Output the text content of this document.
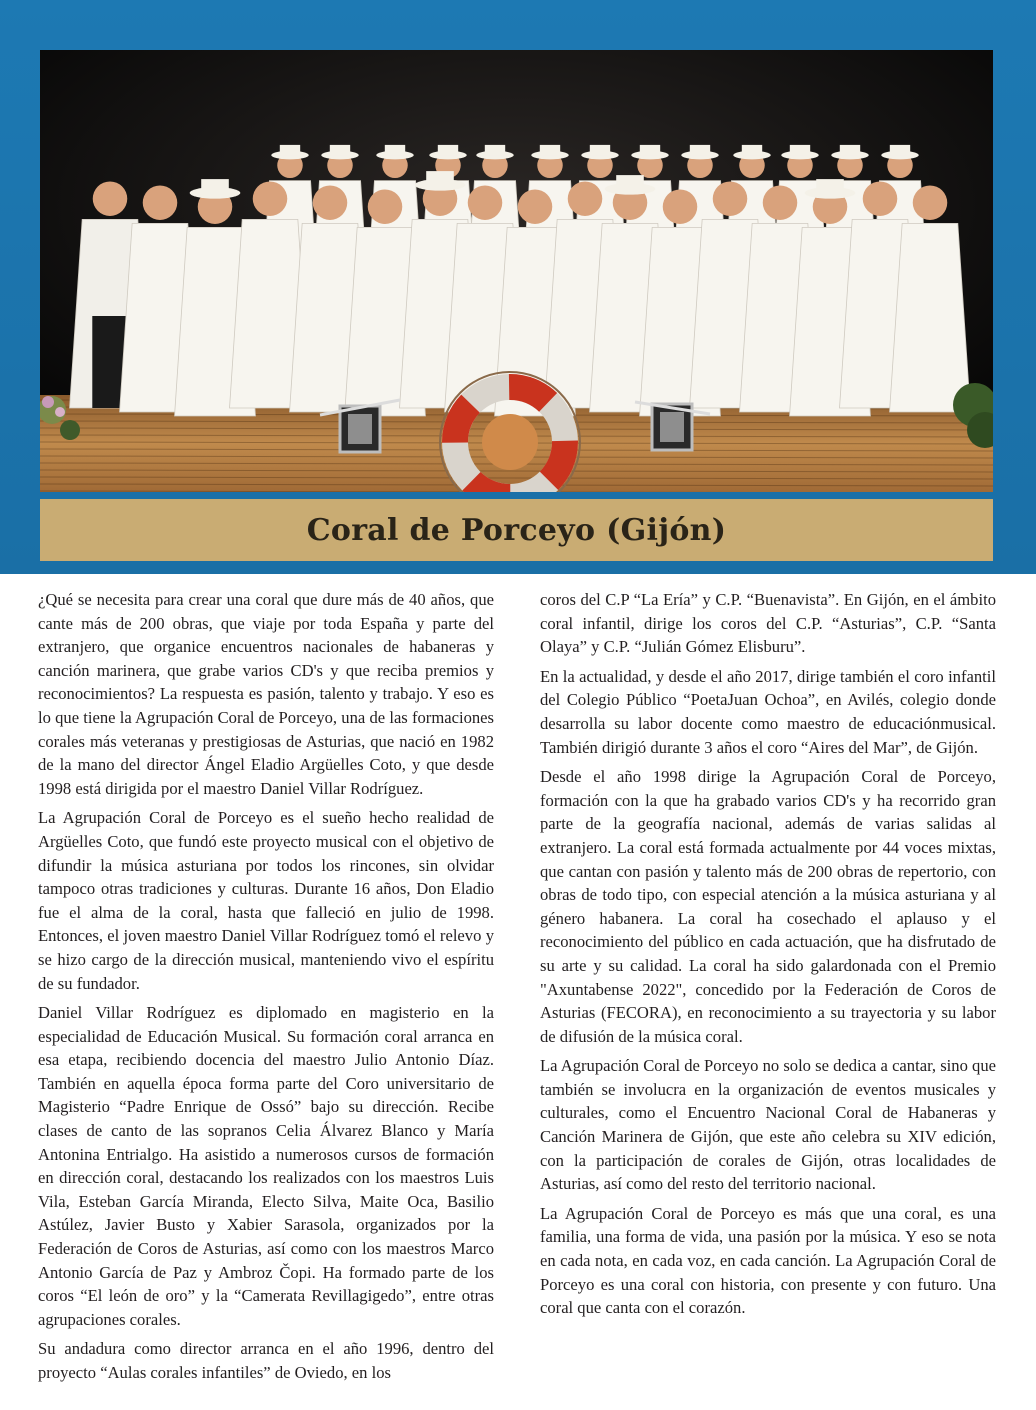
Coral de Porceyo (Gijón)

¿Qué se necesita para crear una coral que dure más de 40 años, que cante más de 200 obras, que viaje por toda España y parte del extranjero, que organice encuentros nacionales de habaneras y canción marinera, que grabe varios CD's y que reciba premios y reconocimientos? La respuesta es pasión, talento y trabajo. Y eso es lo que tiene la Agrupación Coral de Porceyo, una de las formaciones corales más veteranas y prestigiosas de Asturias, que nació en 1982 de la mano del director Ángel Eladio Argüelles Coto, y que desde 1998 está dirigida por el maestro Daniel Villar Rodríguez.

La Agrupación Coral de Porceyo es el sueño hecho realidad de Argüelles Coto, que fundó este proyecto musical con el objetivo de difundir la música asturiana por todos los rincones, sin olvidar tampoco otras tradiciones y culturas. Durante 16 años, Don Eladio fue el alma de la coral, hasta que falleció en julio de 1998. Entonces, el joven maestro Daniel Villar Rodríguez tomó el relevo y se hizo cargo de la dirección musical, manteniendo vivo el espíritu de su fundador.

Daniel Villar Rodríguez es diplomado en magisterio en la especialidad de Educación Musical. Su formación coral arranca en esa etapa, recibiendo docencia del maestro Julio Antonio Díaz. También en aquella época forma parte del Coro universitario de Magisterio “Padre Enrique de Ossó” bajo su dirección. Recibe clases de canto de las sopranos Celia Álvarez Blanco y María Antonina Entrialgo. Ha asistido a numerosos cursos de formación en dirección coral, destacando los realizados con los maestros Luis Vila, Esteban García Miranda, Electo Silva, Maite Oca, Basilio Astúlez, Javier Busto y Xabier Sarasola, organizados por la Federación de Coros de Asturias, así como con los maestros Marco Antonio García de Paz y Ambroz Čopi. Ha formado parte de los coros “El león de oro” y la “Camerata Revillagigedo”, entre otras agrupaciones corales.

Su andadura como director arranca en el año 1996, dentro del proyecto “Aulas corales infantiles” de Oviedo, en los

coros del C.P “La Ería” y C.P. “Buenavista”. En Gijón, en el ámbito coral infantil, dirige los coros del C.P. “Asturias”, C.P. “Santa Olaya” y C.P. “Julián Gómez Elisburu”.

En la actualidad, y desde el año 2017, dirige también el coro infantil del Colegio Público “PoetaJuan Ochoa”, en Avilés, colegio donde desarrolla su labor docente como maestro de educaciónmusical. También dirigió durante 3 años el coro “Aires del Mar”, de Gijón.

Desde el año 1998 dirige la Agrupación Coral de Porceyo, formación con la que ha grabado varios CD's y ha recorrido gran parte de la geografía nacional, además de varias salidas al extranjero. La coral está formada actualmente por 44 voces mixtas, que cantan con pasión y talento más de 200 obras de repertorio, con obras de todo tipo, con especial atención a la música asturiana y al género habanera. La coral ha cosechado el aplauso y el reconocimiento del público en cada actuación, que ha disfrutado de su arte y su calidad. La coral ha sido galardonada con el Premio "Axuntabense 2022", concedido por la Federación de Coros de Asturias (FECORA), en reconocimiento a su trayectoria y su labor de difusión de la música coral.

La Agrupación Coral de Porceyo no solo se dedica a cantar, sino que también se involucra en la organización de eventos musicales y culturales, como el Encuentro Nacional Coral de Habaneras y Canción Marinera de Gijón, que este año celebra su XIV edición, con la participación de corales de Gijón, otras localidades de Asturias, así como del resto del territorio nacional.

La Agrupación Coral de Porceyo es más que una coral, es una familia, una forma de vida, una pasión por la música. Y eso se nota en cada nota, en cada voz, en cada canción. La Agrupación Coral de Porceyo es una coral con historia, con presente y con futuro. Una coral que canta con el corazón.
